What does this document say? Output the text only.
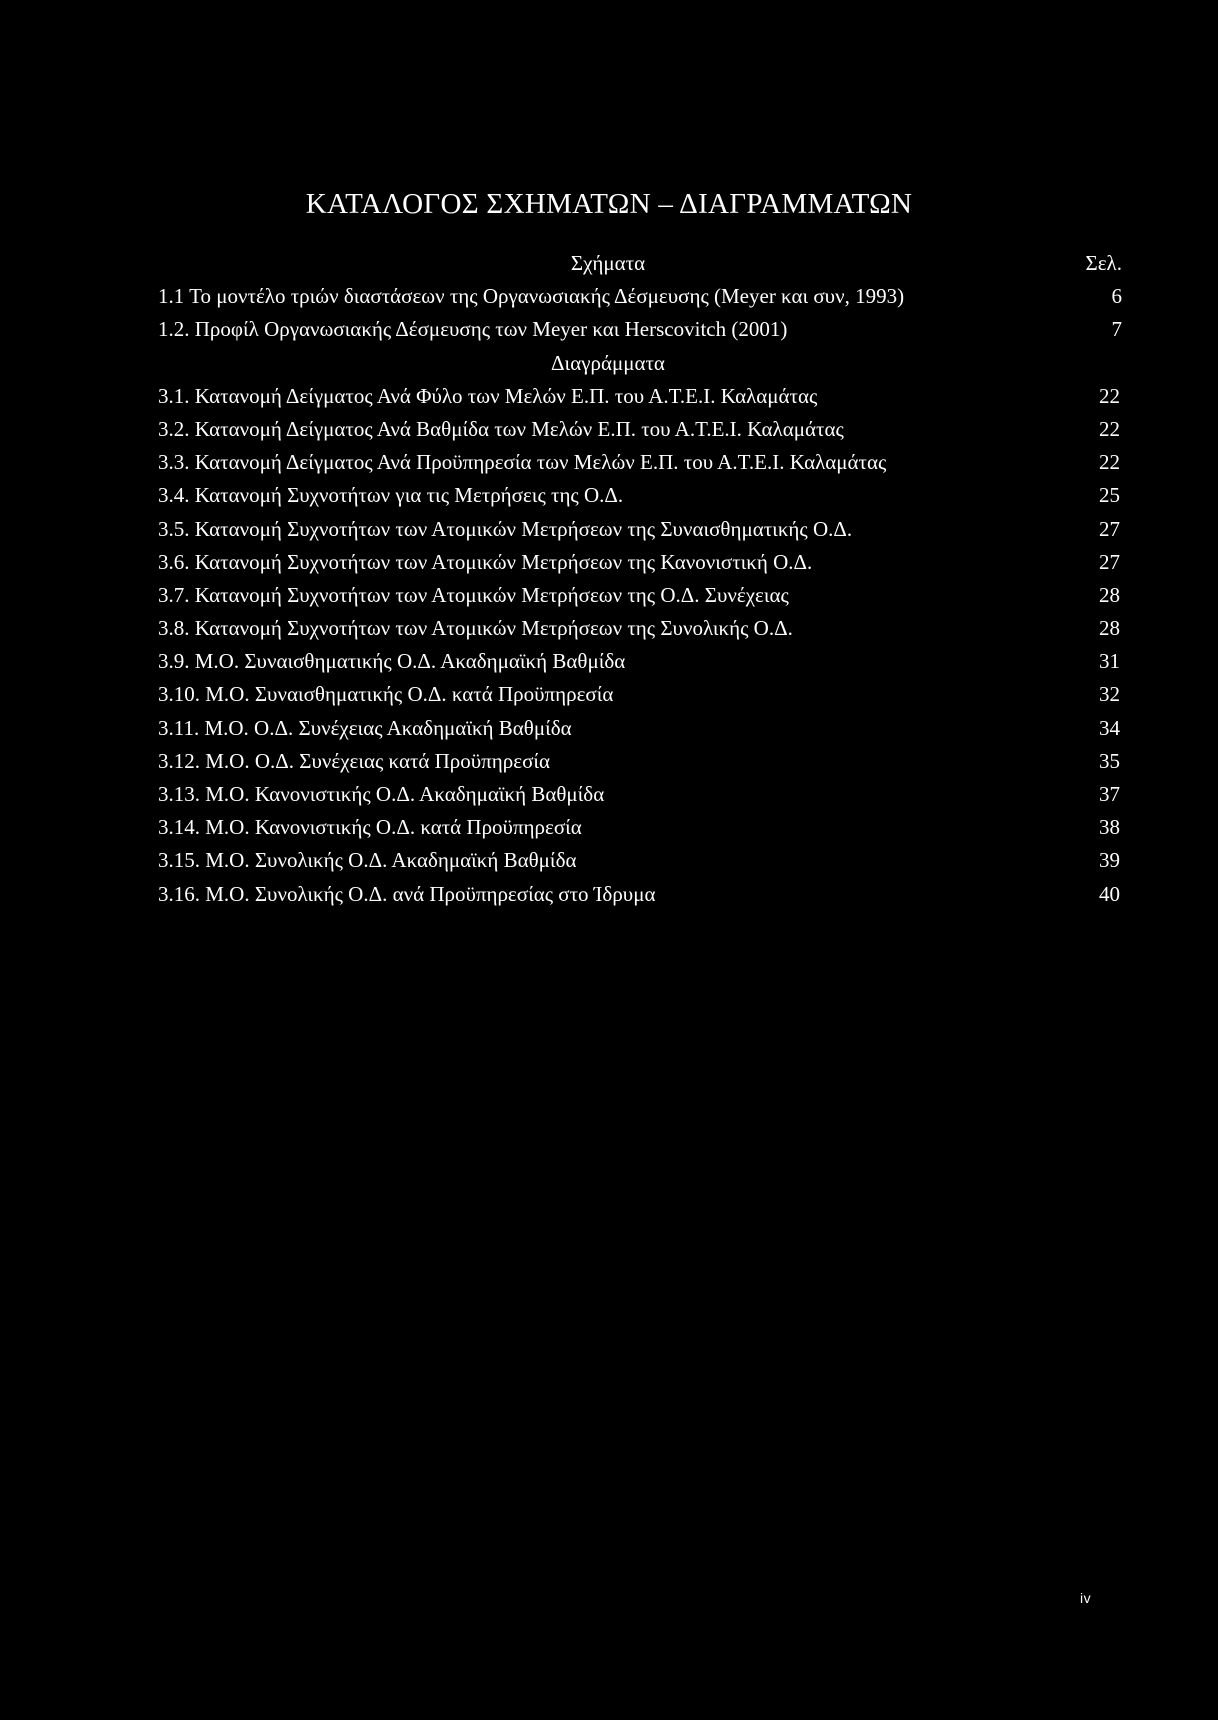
ΚΑΤΑΛΟΓΟΣ ΣΧΗΜΑΤΩΝ – ΔΙΑΓΡΑΜΜΑΤΩΝ
Σχήματα	Σελ.
1.1 Το μοντέλο τριών διαστάσεων της Οργανωσιακής Δέσμευσης (Meyer και συν, 1993)	6
1.2. Προφίλ Οργανωσιακής Δέσμευσης των Meyer και Herscovitch (2001)	7
Διαγράμματα
3.1. Κατανομή Δείγματος Ανά Φύλο των Μελών Ε.Π. του Α.Τ.Ε.Ι. Καλαμάτας	22
3.2. Κατανομή Δείγματος Ανά Βαθμίδα των Μελών Ε.Π. του Α.Τ.Ε.Ι. Καλαμάτας	22
3.3. Κατανομή Δείγματος Ανά Προϋπηρεσία των Μελών Ε.Π. του Α.Τ.Ε.Ι. Καλαμάτας	22
3.4. Κατανομή Συχνοτήτων για τις Μετρήσεις της Ο.Δ.	25
3.5. Κατανομή Συχνοτήτων των Ατομικών Μετρήσεων της Συναισθηματικής Ο.Δ.	27
3.6. Κατανομή Συχνοτήτων των Ατομικών Μετρήσεων της Κανονιστική Ο.Δ.	27
3.7. Κατανομή Συχνοτήτων των Ατομικών Μετρήσεων της Ο.Δ. Συνέχειας	28
3.8. Κατανομή Συχνοτήτων των Ατομικών Μετρήσεων της Συνολικής Ο.Δ.	28
3.9. Μ.Ο. Συναισθηματικής Ο.Δ. Ακαδημαϊκή Βαθμίδα	31
3.10. Μ.Ο. Συναισθηματικής Ο.Δ. κατά Προϋπηρεσία	32
3.11. Μ.Ο. Ο.Δ. Συνέχειας Ακαδημαϊκή Βαθμίδα	34
3.12. Μ.Ο. Ο.Δ. Συνέχειας κατά Προϋπηρεσία	35
3.13. Μ.Ο. Κανονιστικής Ο.Δ. Ακαδημαϊκή Βαθμίδα	37
3.14. Μ.Ο. Κανονιστικής Ο.Δ. κατά Προϋπηρεσία	38
3.15. Μ.Ο. Συνολικής Ο.Δ. Ακαδημαϊκή Βαθμίδα	39
3.16. Μ.Ο. Συνολικής Ο.Δ. ανά Προϋπηρεσίας στο Ίδρυμα	40
iv
